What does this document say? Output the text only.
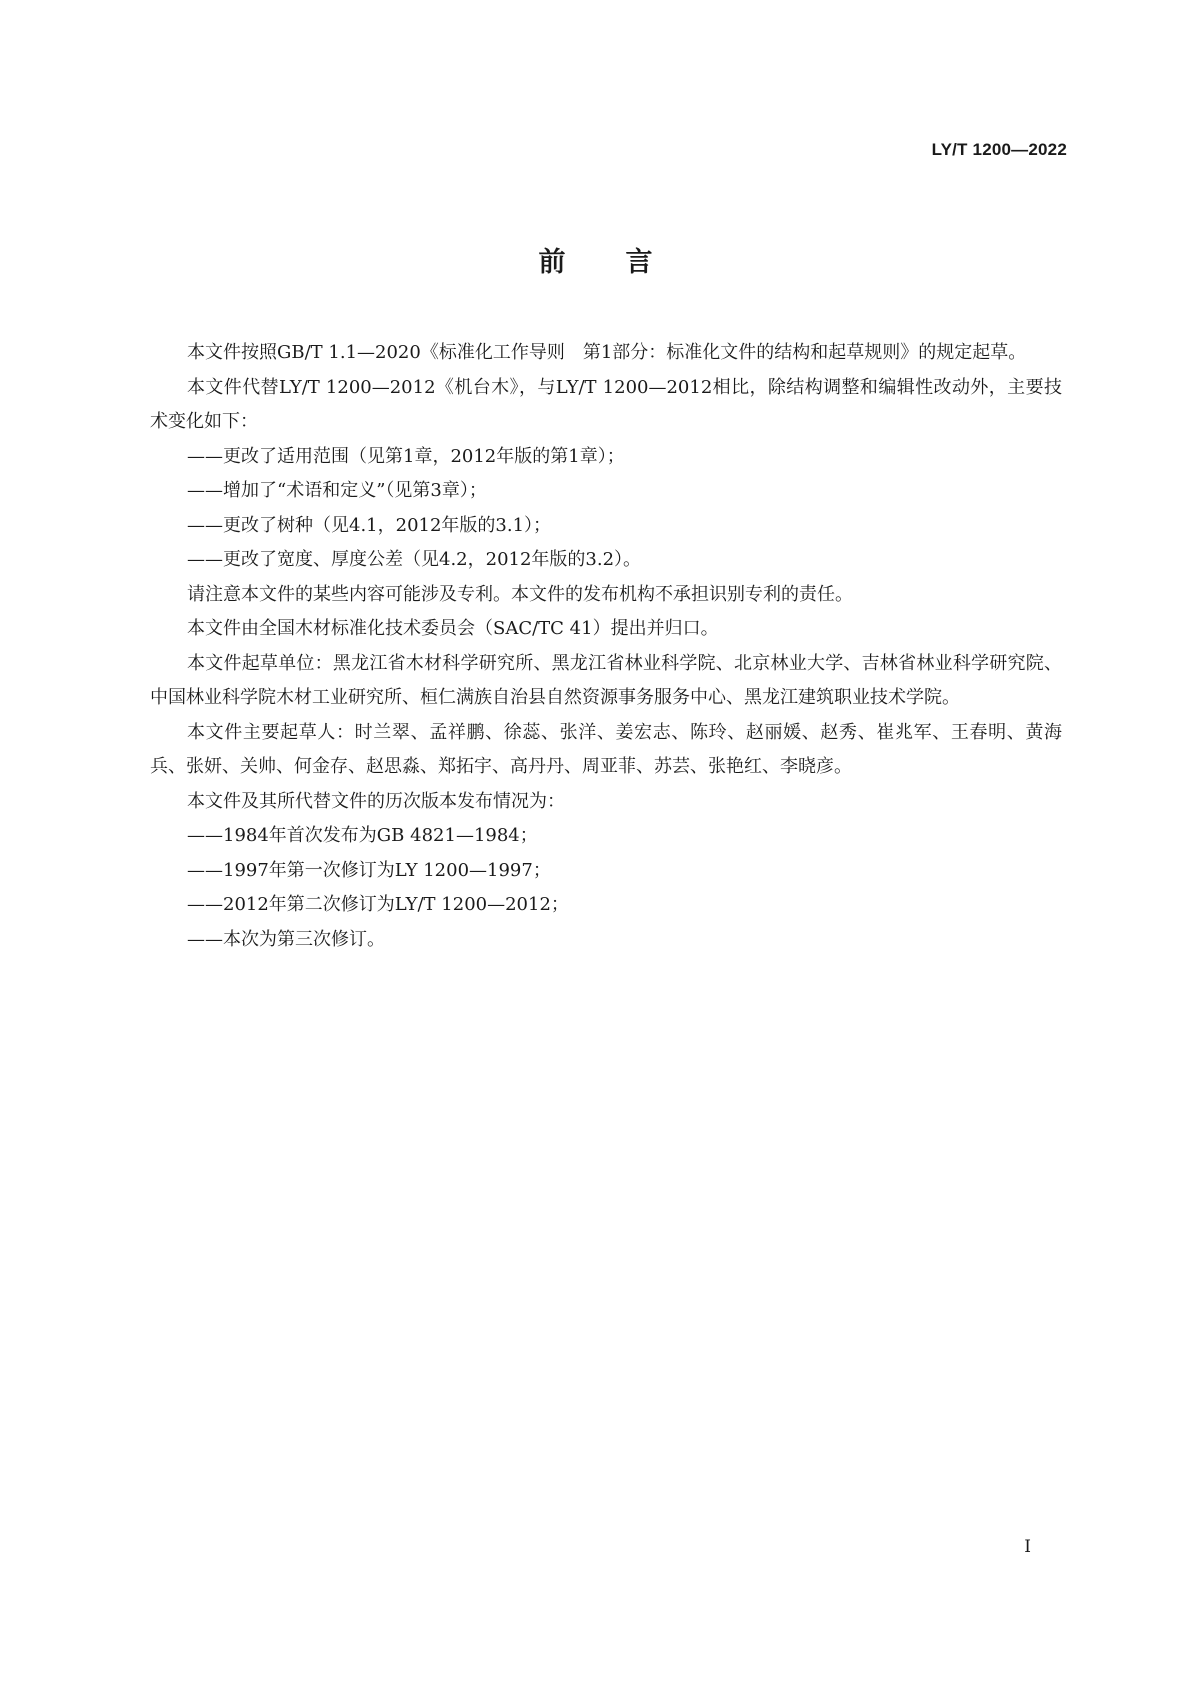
LY/T 1200—2022
前言

本文件按照GB/T 1.1—2020《标准化工作导则　第1部分：标准化文件的结构和起草规则》的规定起草。

本文件代替LY/T 1200—2012《机台木》，与LY/T 1200—2012相比，除结构调整和编辑性改动外，主要技术变化如下：

——更改了适用范围（见第1章，2012年版的第1章）；

——增加了“术语和定义”（见第3章）；

——更改了树种（见4.1，2012年版的3.1）；

——更改了宽度、厚度公差（见4.2，2012年版的3.2）。

请注意本文件的某些内容可能涉及专利。本文件的发布机构不承担识别专利的责任。

本文件由全国木材标准化技术委员会（SAC/TC 41）提出并归口。

本文件起草单位：黑龙江省木材科学研究所、黑龙江省林业科学院、北京林业大学、吉林省林业科学研究院、中国林业科学院木材工业研究所、桓仁满族自治县自然资源事务服务中心、黑龙江建筑职业技术学院。

本文件主要起草人：时兰翠、孟祥鹏、徐蕊、张洋、姜宏志、陈玲、赵丽媛、赵秀、崔兆军、王春明、黄海兵、张妍、关帅、何金存、赵思淼、郑拓宇、高丹丹、周亚菲、苏芸、张艳红、李晓彦。

本文件及其所代替文件的历次版本发布情况为：

——1984年首次发布为GB 4821—1984；

——1997年第一次修订为LY 1200—1997；

——2012年第二次修订为LY/T 1200—2012；

——本次为第三次修订。

I
